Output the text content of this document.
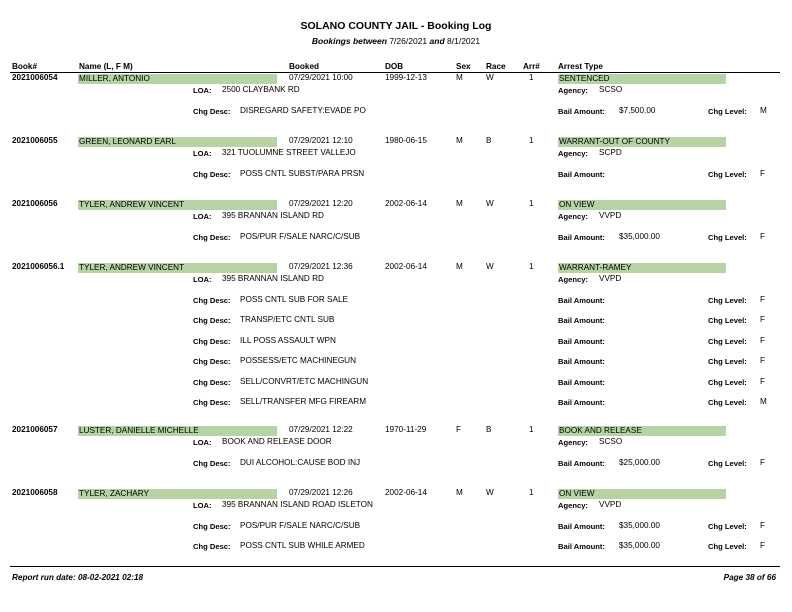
SOLANO COUNTY JAIL - Booking Log
Bookings between 7/26/2021 and 8/1/2021
Book#	Name (L, F M)	Booked	DOB	Sex Race Arr# Arrest Type
2021006054	MILLER, ANTONIO	07/29/2021 10:00	1999-12-13	M	W	1	SENTENCED
LOA: 2500 CLAYBANK RD	Agency: SCSO
Chg Desc: DISREGARD SAFETY:EVADE PO	Bail Amount: $7,500.00	Chg Level: M
2021006055	GREEN, LEONARD EARL	07/29/2021 12:10	1980-06-15	M	B	1	WARRANT-OUT OF COUNTY
LOA: 321 TUOLUMNE STREET VALLEJO	Agency: SCPD
Chg Desc: POSS CNTL SUBST/PARA PRSN	Bail Amount:	Chg Level: F
2021006056	TYLER, ANDREW VINCENT	07/29/2021 12:20	2002-06-14	M	W	1	ON VIEW
LOA: 395 BRANNAN ISLAND RD	Agency: VVPD
Chg Desc: POS/PUR F/SALE NARC/C/SUB	Bail Amount: $35,000.00	Chg Level: F
2021006056.1 TYLER, ANDREW VINCENT	07/29/2021 12:36	2002-06-14	M	W	1	WARRANT-RAMEY
LOA: 395 BRANNAN ISLAND RD	Agency: VVPD
Chg Desc: POSS CNTL SUB FOR SALE	Bail Amount:	Chg Level: F
Chg Desc: TRANSP/ETC CNTL SUB	Bail Amount:	Chg Level: F
Chg Desc: ILL POSS ASSAULT WPN	Bail Amount:	Chg Level: F
Chg Desc: POSSESS/ETC MACHINEGUN	Bail Amount:	Chg Level: F
Chg Desc: SELL/CONVRT/ETC MACHINGUN	Bail Amount:	Chg Level: F
Chg Desc: SELL/TRANSFER MFG FIREARM	Bail Amount:	Chg Level: M
2021006057	LUSTER, DANIELLE MICHELLE	07/29/2021 12:22	1970-11-29	F	B	1	BOOK AND RELEASE
LOA: BOOK AND RELEASE DOOR	Agency: SCSO
Chg Desc: DUI ALCOHOL:CAUSE BOD INJ	Bail Amount: $25,000.00	Chg Level: F
2021006058	TYLER, ZACHARY	07/29/2021 12:26	2002-06-14	M	W	1	ON VIEW
LOA: 395 BRANNAN ISLAND ROAD ISLETON	Agency: VVPD
Chg Desc: POS/PUR F/SALE NARC/C/SUB	Bail Amount: $35,000.00	Chg Level: F
Chg Desc: POSS CNTL SUB WHILE ARMED	Bail Amount: $35,000.00	Chg Level: F
Report run date: 08-02-2021 02:18	Page 38 of 66
